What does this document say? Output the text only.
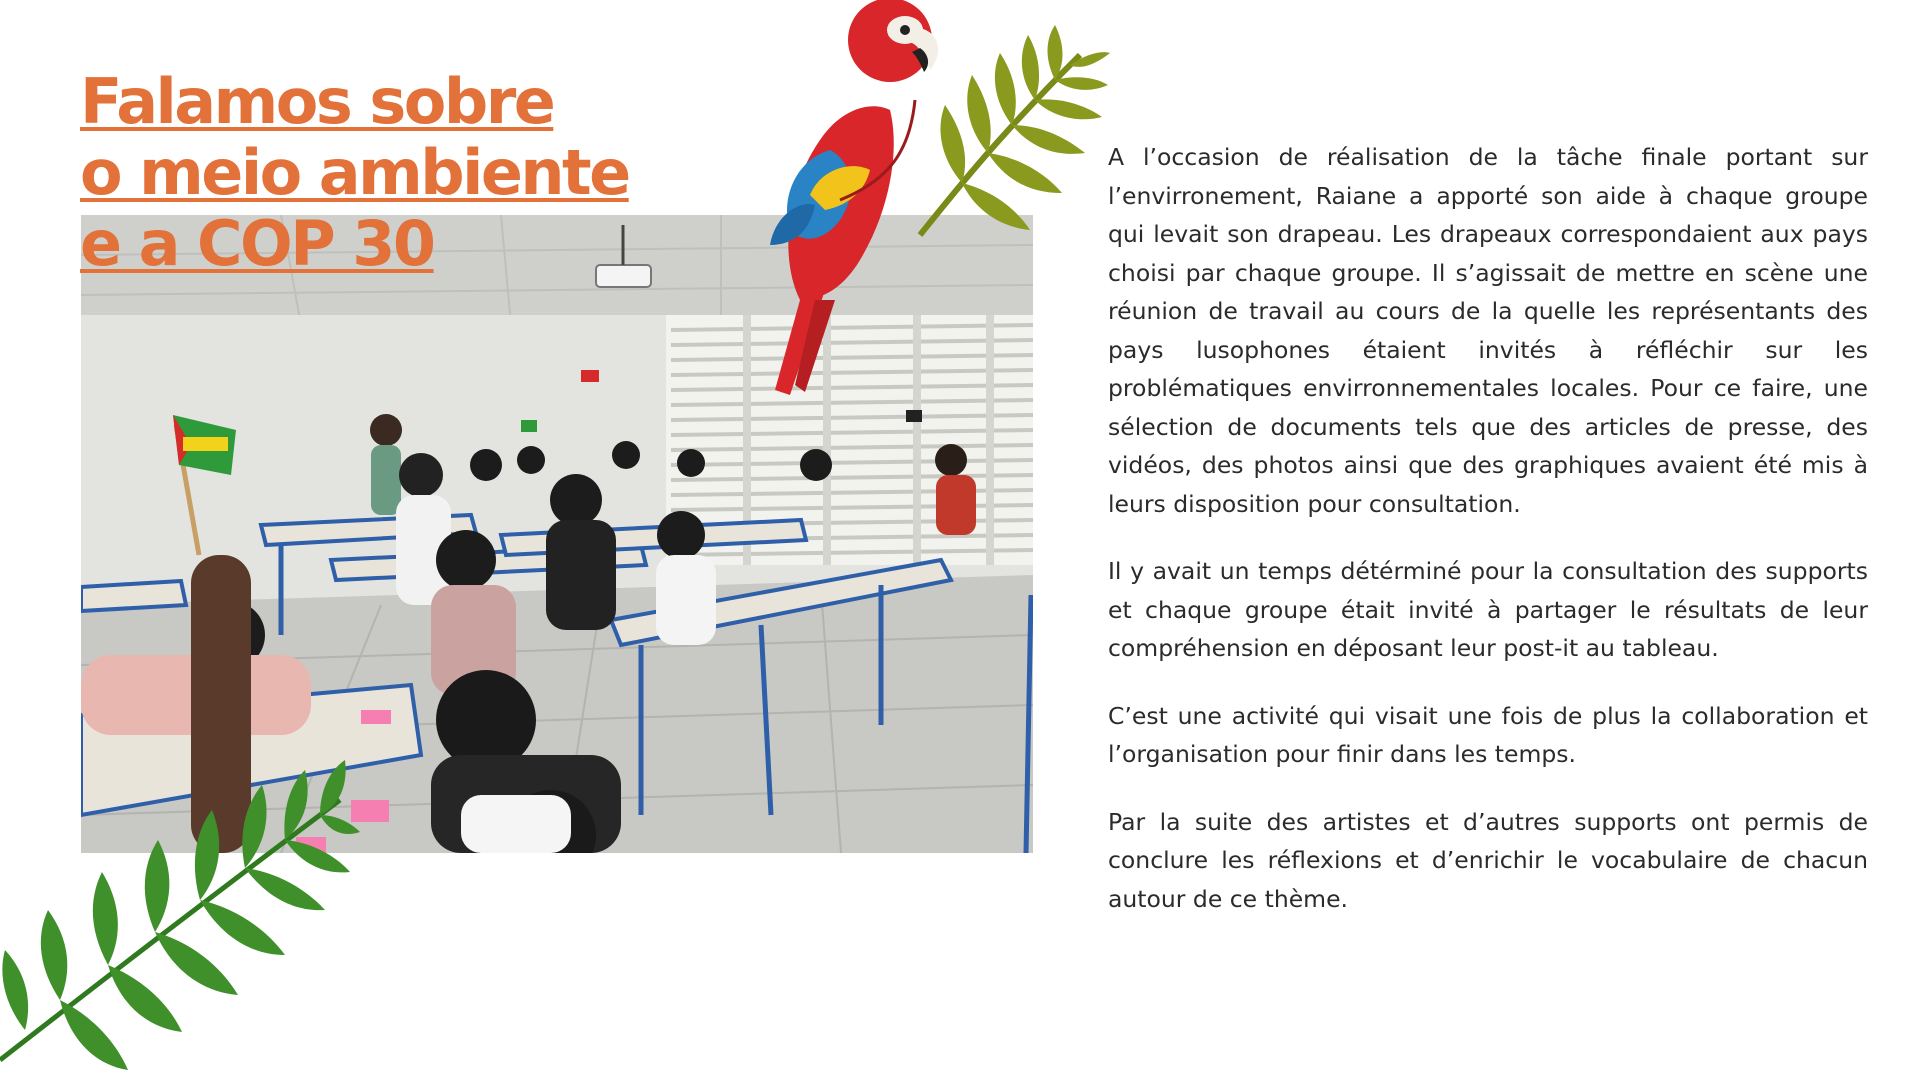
Falamos sobre
o meio ambiente
e a COP 30

A l’occasion de réalisation de la tâche finale portant sur l’envirronement, Raiane a apporté son aide à chaque groupe qui levait son drapeau. Les drapeaux correspondaient aux pays choisi par chaque groupe. Il s’agissait de mettre en scène une réunion de travail au cours de la quelle les représentants des pays lusophones étaient invités à réfléchir sur les problématiques envirronnementales locales. Pour ce faire, une sélection de documents tels que des articles de presse, des vidéos, des photos ainsi que des graphiques avaient été mis à leurs disposition pour consultation.

Il y avait un temps détérminé pour la consultation des supports et chaque groupe était invité à partager le résultats de leur compréhension en déposant leur post-it au tableau.

C’est une activité qui visait une fois de plus la collaboration et l’organisation pour finir dans les temps.

Par la suite des artistes et d’autres supports ont permis de conclure les réflexions et d’enrichir le vocabulaire de chacun autour de ce thème.
